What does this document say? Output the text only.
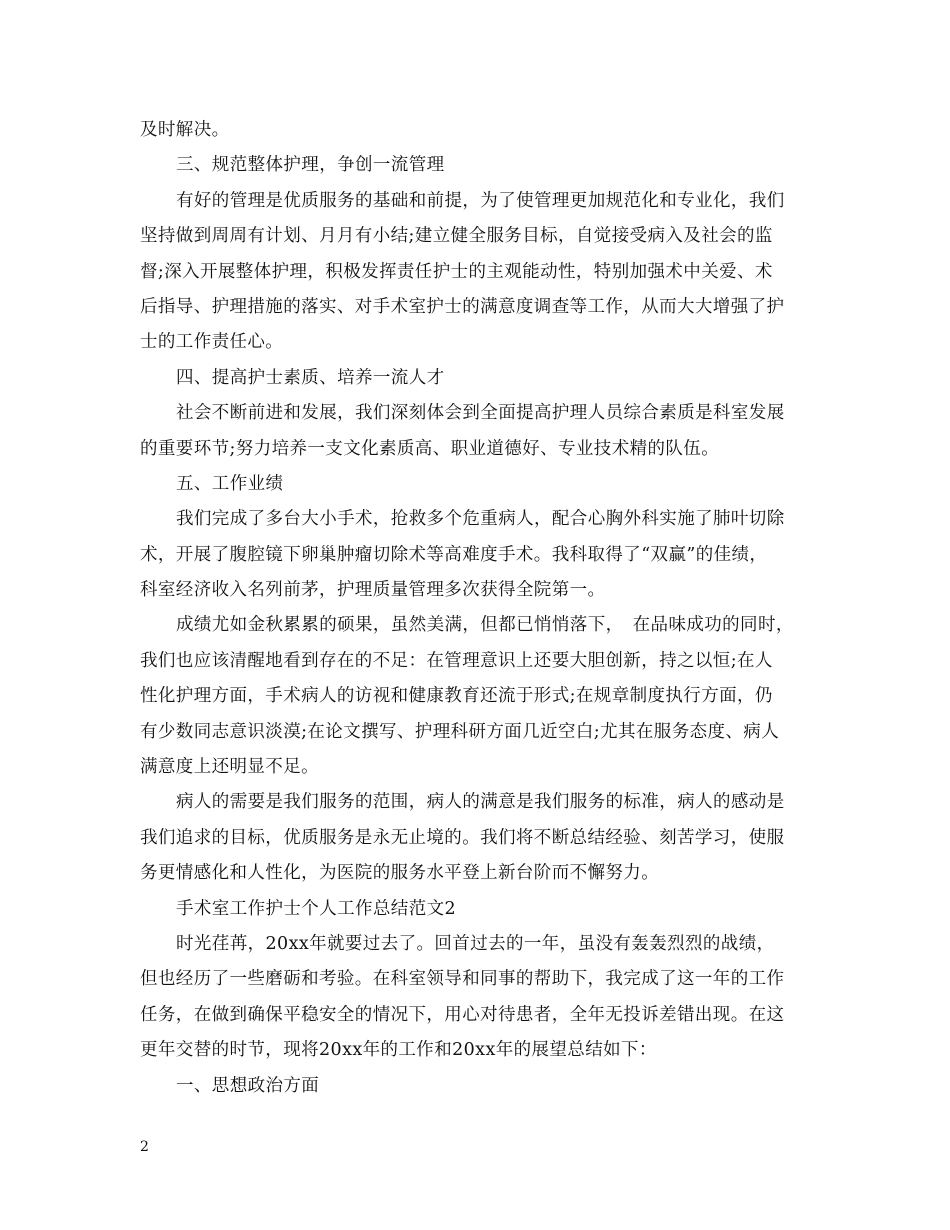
及时解决。
三、规范整体护理，争创一流管理
有好的管理是优质服务的基础和前提，为了使管理更加规范化和专业化，我们
坚持做到周周有计划、月月有小结;建立健全服务目标，自觉接受病入及社会的监
督;深入开展整体护理，积极发挥责任护士的主观能动性，特别加强术中关爱、术
后指导、护理措施的落实、对手术室护士的满意度调查等工作，从而大大增强了护
士的工作责任心。
四、提高护士素质、培养一流人才
社会不断前进和发展，我们深刻体会到全面提高护理人员综合素质是科室发展
的重要环节;努力培养一支文化素质高、职业道德好、专业技术精的队伍。
五、工作业绩
我们完成了多台大小手术，抢救多个危重病人，配合心胸外科实施了肺叶切除
术，开展了腹腔镜下卵巢肿瘤切除术等高难度手术。我科取得了“双赢”的佳绩，
科室经济收入名列前茅，护理质量管理多次获得全院第一。
成绩尤如金秋累累的硕果，虽然美满，但都已悄悄落下，　在品味成功的同时，
我们也应该清醒地看到存在的不足：在管理意识上还要大胆创新，持之以恒;在人
性化护理方面，手术病人的访视和健康教育还流于形式;在规章制度执行方面，仍
有少数同志意识淡漠;在论文撰写、护理科研方面几近空白;尤其在服务态度、病人
满意度上还明显不足。
病人的需要是我们服务的范围，病人的满意是我们服务的标准，病人的感动是
我们追求的目标，优质服务是永无止境的。我们将不断总结经验、刻苦学习，使服
务更情感化和人性化，为医院的服务水平登上新台阶而不懈努力。
手术室工作护士个人工作总结范文2
时光荏苒，20xx年就要过去了。回首过去的一年，虽没有轰轰烈烈的战绩，
但也经历了一些磨砺和考验。在科室领导和同事的帮助下，我完成了这一年的工作
任务，在做到确保平稳安全的情况下，用心对待患者，全年无投诉差错出现。在这
更年交替的时节，现将20xx年的工作和20xx年的展望总结如下：
一、思想政治方面
2
